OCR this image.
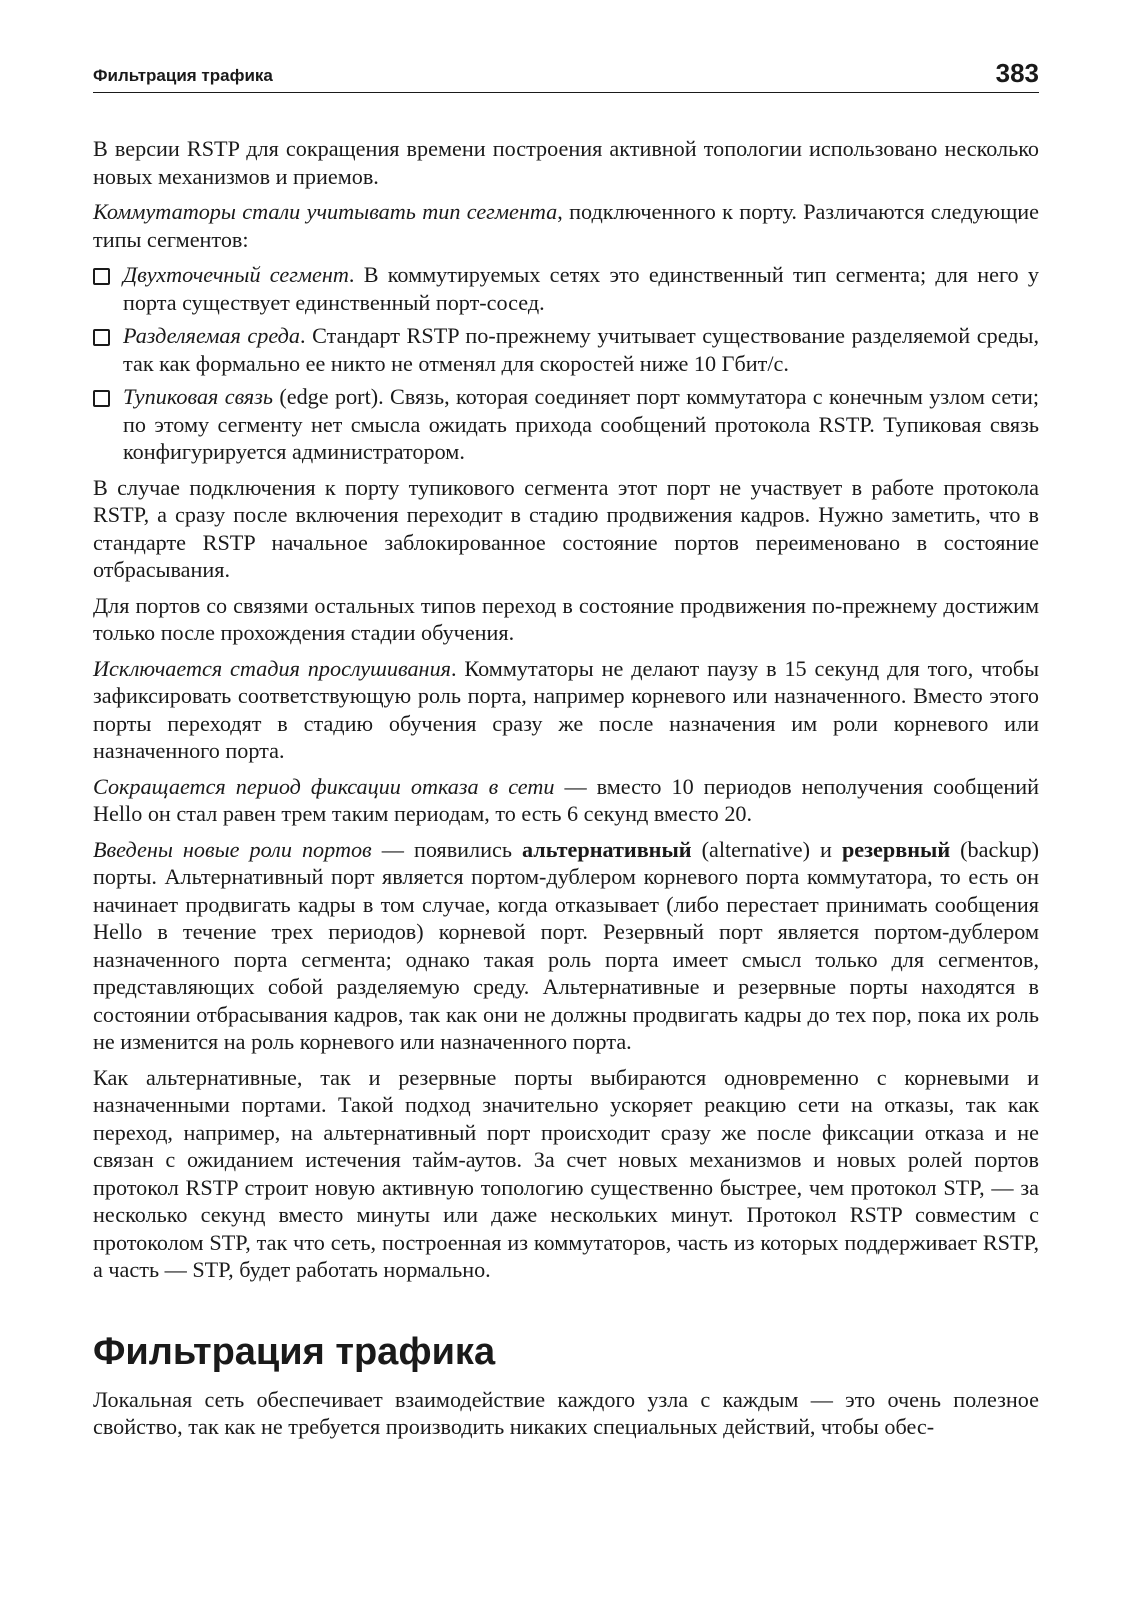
Фильтрация трафика	383

В версии RSTP для сокращения времени построения активной топологии использовано несколько новых механизмов и приемов.

Коммутаторы стали учитывать тип сегмента, подключенного к порту. Различаются следующие типы сегментов:

Двухточечный сегмент. В коммутируемых сетях это единственный тип сегмента; для него у порта существует единственный порт-сосед.
Разделяемая среда. Стандарт RSTP по-прежнему учитывает существование разделяемой среды, так как формально ее никто не отменял для скоростей ниже 10 Гбит/с.
Тупиковая связь (edge port). Связь, которая соединяет порт коммутатора с конечным узлом сети; по этому сегменту нет смысла ожидать прихода сообщений протокола RSTP. Тупиковая связь конфигурируется администратором.

В случае подключения к порту тупикового сегмента этот порт не участвует в работе протокола RSTP, а сразу после включения переходит в стадию продвижения кадров. Нужно заметить, что в стандарте RSTP начальное заблокированное состояние портов переименовано в состояние отбрасывания.

Для портов со связями остальных типов переход в состояние продвижения по-прежнему достижим только после прохождения стадии обучения.

Исключается стадия прослушивания. Коммутаторы не делают паузу в 15 секунд для того, чтобы зафиксировать соответствующую роль порта, например корневого или назначенного. Вместо этого порты переходят в стадию обучения сразу же после назначения им роли корневого или назначенного порта.

Сокращается период фиксации отказа в сети — вместо 10 периодов неполучения сообщений Hello он стал равен трем таким периодам, то есть 6 секунд вместо 20.

Введены новые роли портов — появились альтернативный (alternative) и резервный (backup) порты. Альтернативный порт является портом-дублером корневого порта коммутатора, то есть он начинает продвигать кадры в том случае, когда отказывает (либо перестает принимать сообщения Hello в течение трех периодов) корневой порт. Резервный порт является портом-дублером назначенного порта сегмента; однако такая роль порта имеет смысл только для сегментов, представляющих собой разделяемую среду. Альтернативные и резервные порты находятся в состоянии отбрасывания кадров, так как они не должны продвигать кадры до тех пор, пока их роль не изменится на роль корневого или назначенного порта.

Как альтернативные, так и резервные порты выбираются одновременно с корневыми и назначенными портами. Такой подход значительно ускоряет реакцию сети на отказы, так как переход, например, на альтернативный порт происходит сразу же после фиксации отказа и не связан с ожиданием истечения тайм-аутов. За счет новых механизмов и новых ролей портов протокол RSTP строит новую активную топологию существенно быстрее, чем протокол STP, — за несколько секунд вместо минуты или даже нескольких минут. Протокол RSTP совместим с протоколом STP, так что сеть, построенная из коммутаторов, часть из которых поддерживает RSTP, а часть — STP, будет работать нормально.

Фильтрация трафика

Локальная сеть обеспечивает взаимодействие каждого узла с каждым — это очень полезное свойство, так как не требуется производить никаких специальных действий, чтобы обес-
